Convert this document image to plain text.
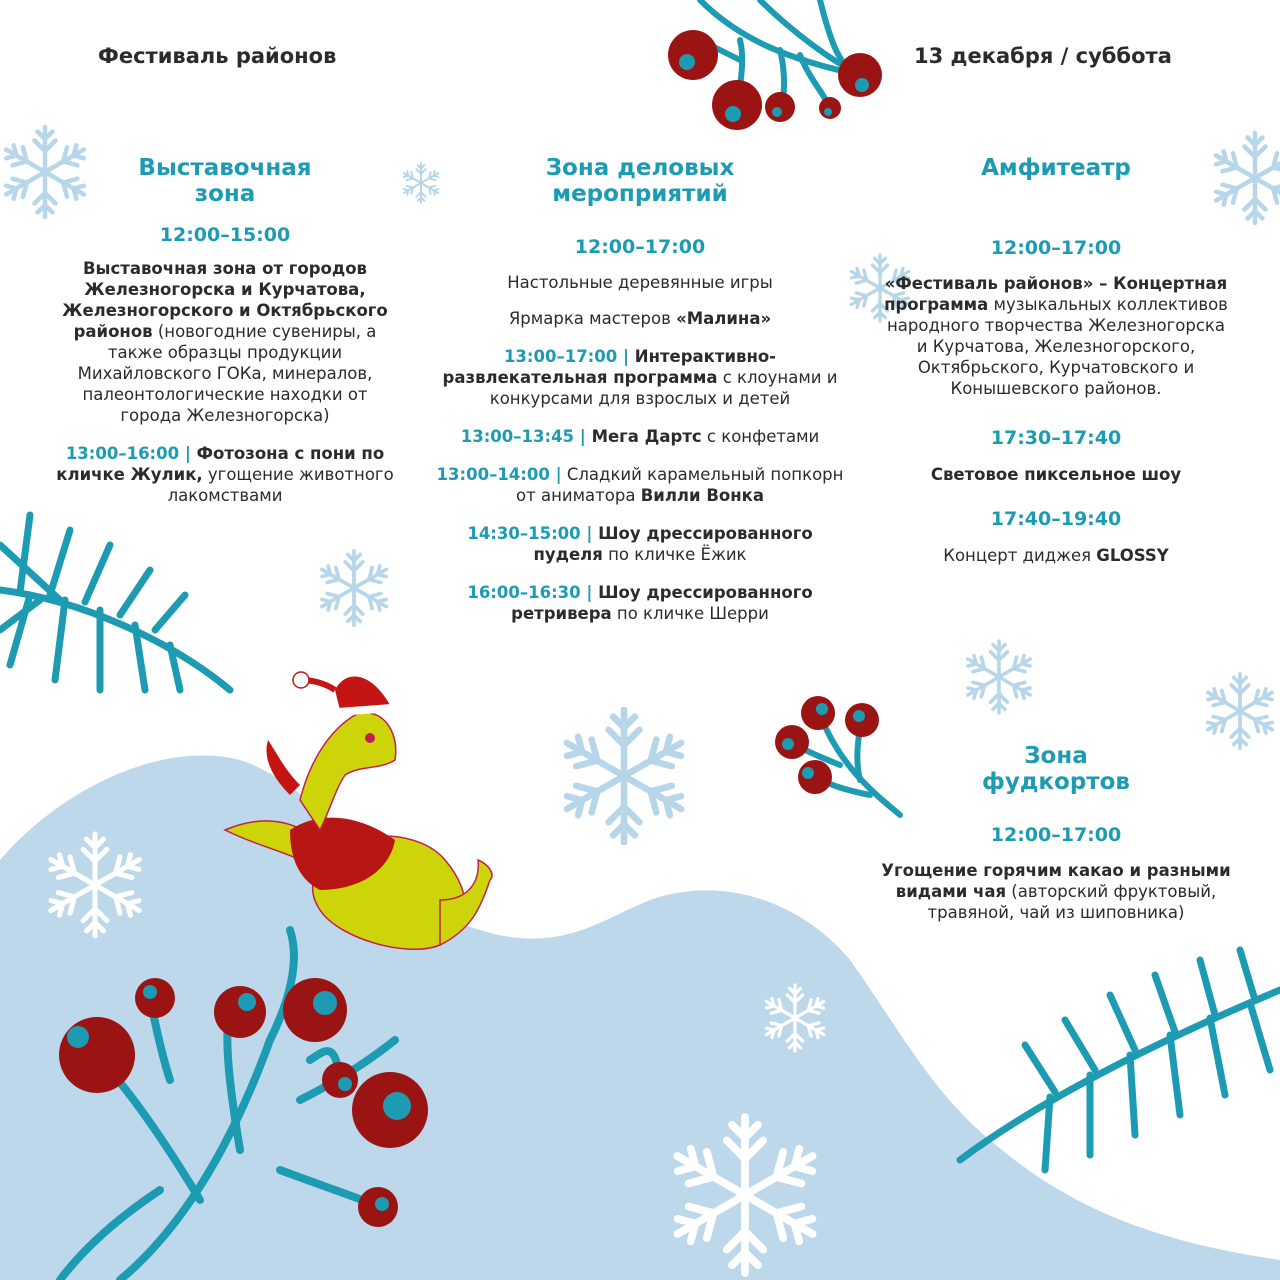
Фестиваль районов	13 декабря / суббота
Выставочная
зона
12:00–15:00

Выставочная зона от городов Железногорска и Курчатова, Железногорского и Октябрьского районов (новогодние сувениры, а также образцы продукции Михайловского ГОКа, минералов, палеонтологические находки от города Железногорска)

13:00–16:00 | Фотозона с пони по кличке Жулик, угощение животного лакомствами

Зона деловых
мероприятий
12:00–17:00

Настольные деревянные игры

Ярмарка мастеров «Малина»

13:00–17:00 | Интерактивно-развлекательная программа с клоунами и конкурсами для взрослых и детей

13:00–13:45 | Мега Дартс с конфетами

13:00–14:00 | Сладкий карамельный попкорн от аниматора Вилли Вонка

14:30–15:00 | Шоу дрессированного пуделя по кличке Ёжик

16:00–16:30 | Шоу дрессированного ретривера по кличке Шерри

Амфитеатр
12:00–17:00

«Фестиваль районов» – Концертная программа музыкальных коллективов народного творчества Железногорска и Курчатова, Железногорского, Октябрьского, Курчатовского и Конышевского районов.

17:30–17:40

Световое пиксельное шоу

17:40–19:40

Концерт диджея GLOSSY

Зона
фудкортов
12:00–17:00

Угощение горячим какао и разными видами чая (авторский фруктовый, травяной, чай из шиповника)
